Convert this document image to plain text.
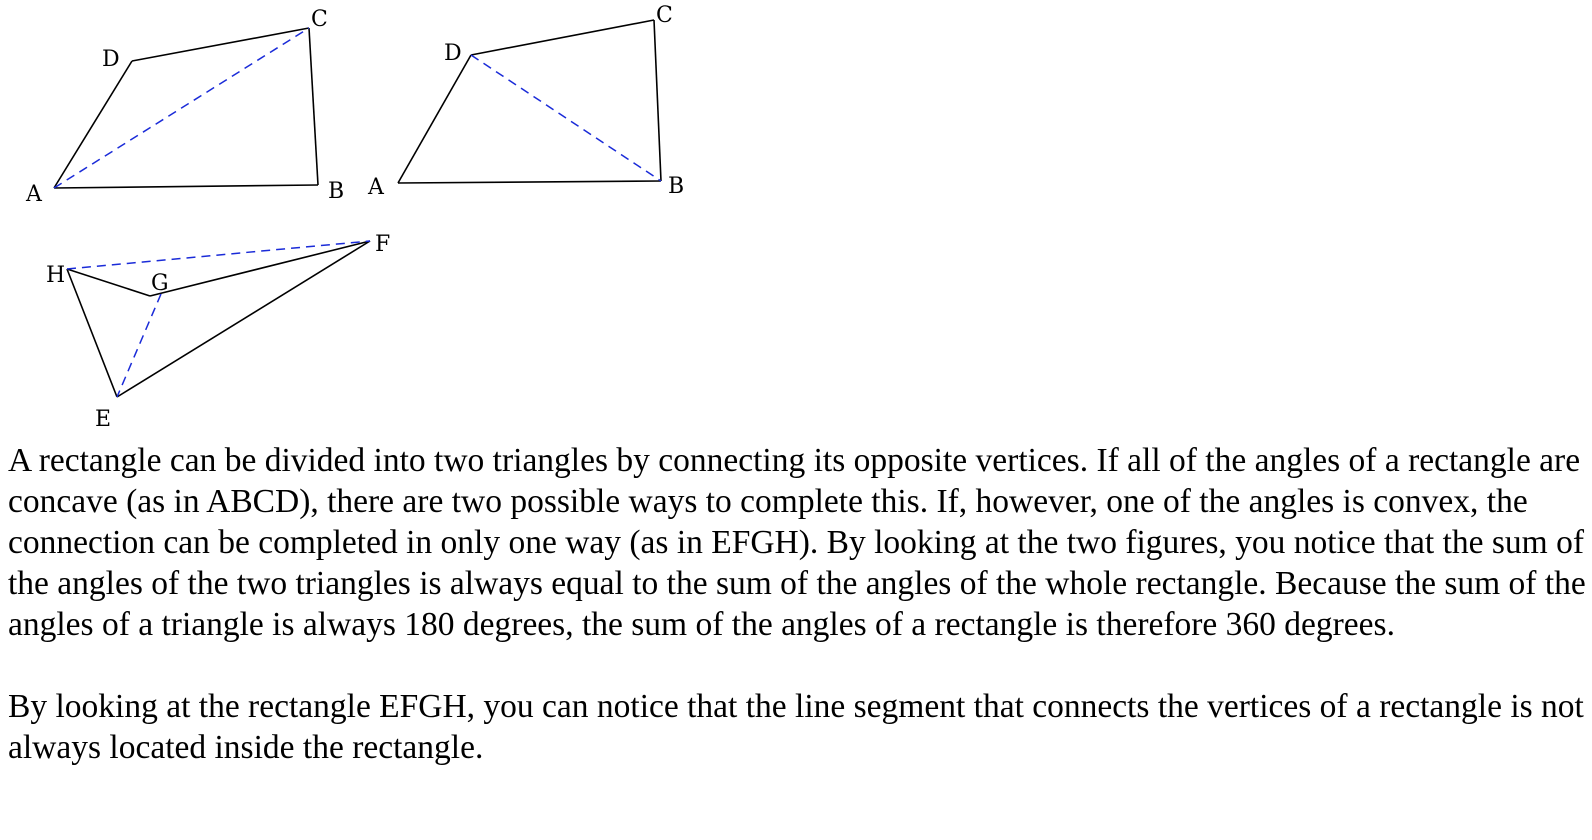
A	B
C
D
A	B
C
D
E
F
G
H

A rectangle can be divided into two triangles by connecting its opposite vertices. If all of the angles of a rectangle are concave (as in ABCD), there are two possible ways to complete this. If, however, one of the angles is convex, the connection can be completed in only one way (as in EFGH). By looking at the two figures, you notice that the sum of the angles of the two triangles is always equal to the sum of the angles of the whole rectangle. Because the sum of the angles of a triangle is always 180 degrees, the sum of the angles of a rectangle is therefore 360 degrees.

By looking at the rectangle EFGH, you can notice that the line segment that connects the vertices of a rectangle is not always located inside the rectangle.
